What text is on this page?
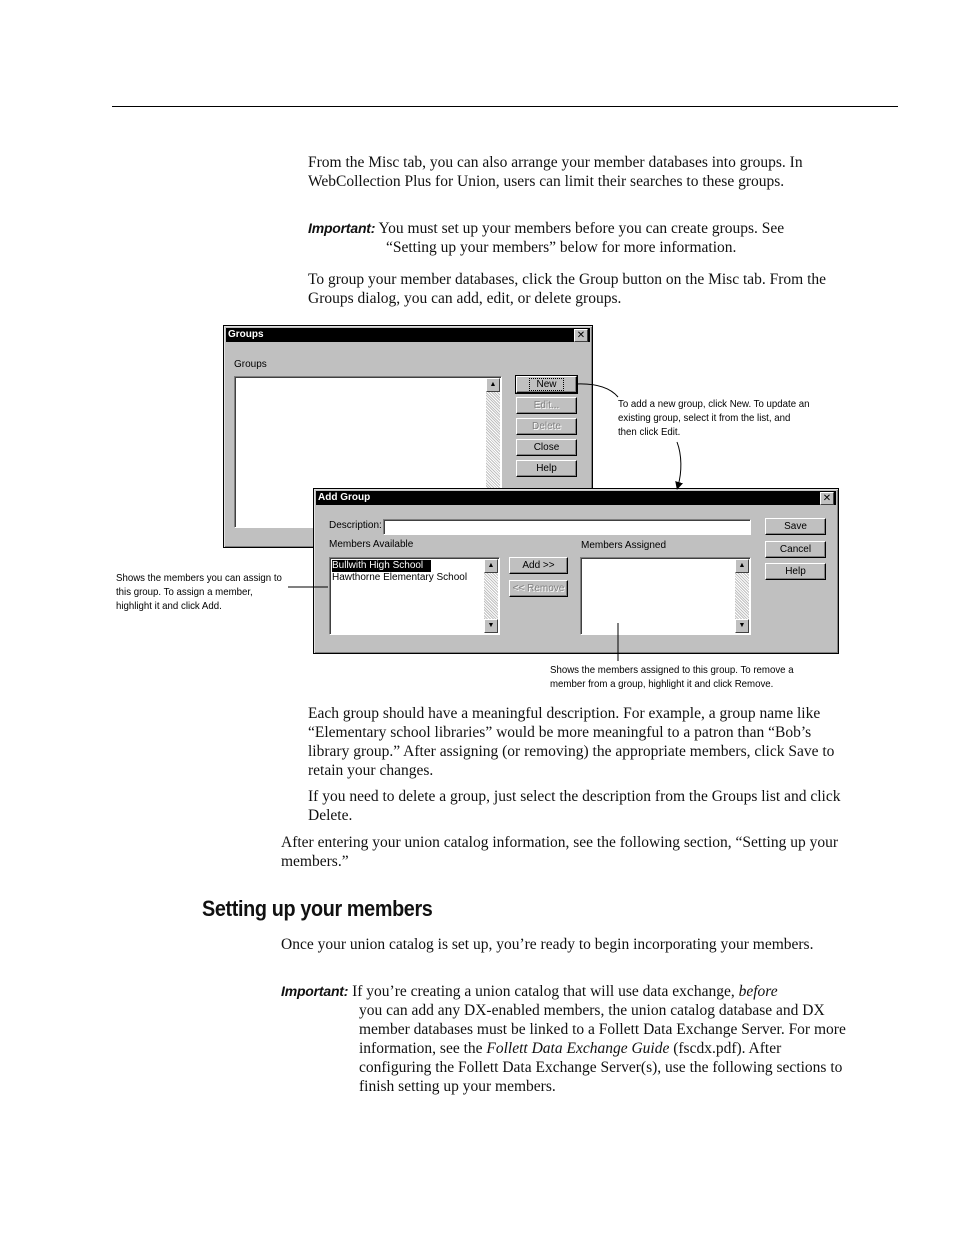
From the Misc tab, you can also arrange your member databases into groups. In WebCollection Plus for Union, users can limit their searches to these groups.

Important: You must set up your members before you can create groups. See
“Setting up your members” below for more information.

To group your member databases, click the Group button on the Misc tab. From the Groups dialog, you can add, edit, or delete groups.

Groups	✕
Groups
▲	New
Edit...
Delete
Close
Help
Add Group	✕
Description:
Members Available
Bullwith High School
Hawthorne Elementary School
▲
▼
Add >>
<< Remove
Members Assigned
▲
▼
Save
Cancel
Help
To add a new group, click New. To update an existing group, select it from the list, and then click Edit.
Shows the members you can assign to this group. To assign a member, highlight it and click Add.
Shows the members assigned to this group. To remove a member from a group, highlight it and click Remove.

Each group should have a meaningful description. For example, a group name like “Elementary school libraries” would be more meaningful to a patron than “Bob’s library group.” After assigning (or removing) the appropriate members, click Save to retain your changes.

If you need to delete a group, just select the description from the Groups list and click Delete.

After entering your union catalog information, see the following section, “Setting up your members.”

Setting up your members

Once your union catalog is set up, you’re ready to begin incorporating your members.

Important: If you’re creating a union catalog that will use data exchange, before
you can add any DX-enabled members, the union catalog database and DX member databases must be linked to a Follett Data Exchange Server. For more information, see the Follett Data Exchange Guide (fscdx.pdf). After configuring the Follett Data Exchange Server(s), use the following sections to finish setting up your members.
